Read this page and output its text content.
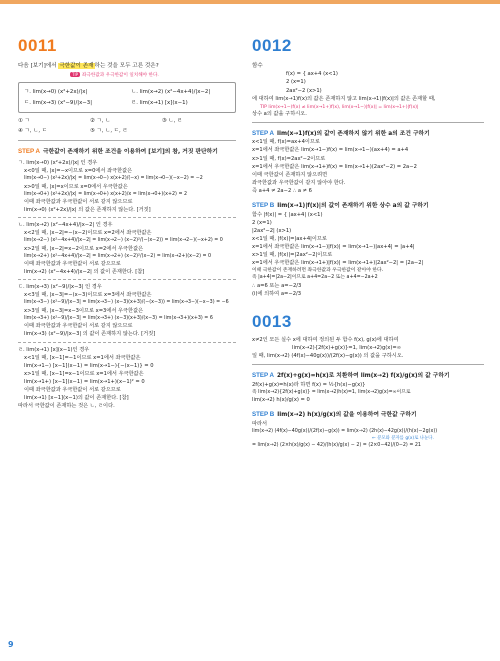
0011
다음 [보기]에서 극한값이 존재하는 것을 모두 고른 것은?
TIP 좌극한값과 우극한값이 일치해야 한다.
ㄱ. lim(x→0) (x²+2x)/|x|	ㄴ. lim(x→2) (x²−4x+4)/|x−2|
ㄷ. lim(x→3) (x²−9)/|x−3|	ㄹ. lim(x→1) [x](x−1)
① ㄱ	② ㄱ, ㄴ	③ ㄴ, ㄹ
④ ㄱ, ㄴ, ㄷ	⑤ ㄱ, ㄴ, ㄷ, ㄹ
STEP A 극한값이 존재하기 위한 조건을 이용하여 [보기]의 참, 거짓 판단하기
ㄱ. lim(x→0) (x²+2x)/|x| 인 경우
x<0일 때, |x|=−x이므로 x=0에서 좌극한값은
lim(x→0−) (x²+2x)/|x| = lim(x→0−) x(x+2)/(−x) = lim(x→0−)(−x−2) = −2
x>0일 때, |x|=x이므로 x=0에서 우극한값은
lim(x→0+) (x²+2x)/|x| = lim(x→0+) x(x+2)/x = lim(x→0+)(x+2) = 2
이때 좌극한값과 우극한값이 서로 같지 않으므로
lim(x→0) (x²+2x)/|x| 의 값은 존재하지 않는다. [거짓]
ㄴ. lim(x→2) (x²−4x+4)/|x−2| 인 경우
x<2일 때, |x−2|=−(x−2)이므로 x=2에서 좌극한값은
lim(x→2−) (x²−4x+4)/|x−2| = lim(x→2−) (x−2)²/(−(x−2)) = lim(x→2−)(−x+2) = 0
x>2일 때, |x−2|=x−2이므로 x=2에서 우극한값은
lim(x→2+) (x²−4x+4)/|x−2| = lim(x→2+) (x−2)²/(x−2) = lim(x→2+)(x−2) = 0
이때 좌극한값과 우극한값이 서로 같으므로
lim(x→2) (x²−4x+4)/|x−2| 의 값이 존재한다. [참]
ㄷ. lim(x→3) (x²−9)/|x−3| 인 경우
x<3일 때, |x−3|=−(x−3)이므로 x=3에서 좌극한값은
lim(x→3−) (x²−9)/|x−3| = lim(x→3−) (x−3)(x+3)/(−(x−3)) = lim(x→3−)(−x−3) = −6
x>3일 때, |x−3|=x−3이므로 x=3에서 우극한값은
lim(x→3+) (x²−9)/|x−3| = lim(x→3+) (x−3)(x+3)/(x−3) = lim(x→3+)(x+3) = 6
이때 좌극한값과 우극한값이 서로 같지 않으므로
lim(x→3) (x²−9)/|x−3| 의 값이 존재하지 않는다. [거짓]
ㄹ. lim(x→1) [x](x−1)인 경우
x<1일 때, [x−1]=−1이므로 x=1에서 좌극한값은
lim(x→1−) [x−1](x−1) = lim(x→1−){−(x−1)} = 0
x>1일 때, [x−1]=x−1이므로 x=1에서 우극한값은
lim(x→1+) [x−1](x−1) = lim(x→1+)(x−1)² = 0
이때 좌극한값과 우극한값이 서로 같으므로
lim(x→1) [x−1](x−1)의 값이 존재한다. [참]
따라서 극한값이 존재하는 것은 ㄴ, ㄹ이다.
0012
함수
f(x) = { ax+4 (x<1)
2 (x=1)
2ax²−2 (x>1)
에 대하여 lim(x→1)f(x)의 값은 존재하지 않고 lim(x→1)|f(x)|의 값은 존재할 때,
TIP lim(x→1−)f(x) ≠ lim(x→1+)f(x), lim(x→1−)|f(x)| = lim(x→1+)|f(x)|
상수 a의 값을 구하시오.
STEP A lim(x→1)f(x)의 값이 존재하지 않기 위한 a의 조건 구하기
x<1일 때, f(x)=ax+4이므로
x=1에서 좌극한값은 lim(x→1−)f(x) = lim(x→1−)(ax+4) = a+4
x>1일 때, f(x)=2ax²−2이므로
x=1에서 우극한값은 lim(x→1+)f(x) = lim(x→1+)(2ax²−2) = 2a−2
이때 극한값이 존재하지 않으려면
좌극한값과 우극한값이 같지 않아야 한다.
즉 a+4 ≠ 2a−2 ∴ a ≠ 6
STEP B lim(x→1)|f(x)|의 값이 존재하기 위한 상수 a의 값 구하기
함수 |f(x)| = { |ax+4| (x<1)
2 (x=1)
|2ax²−2| (x>1)
x<1일 때, |f(x)|=|ax+4|이므로
x=1에서 좌극한값은 lim(x→1−)|f(x)| = lim(x→1−)|ax+4| = |a+4|
x>1일 때, |f(x)|=|2ax²−2|이므로
x=1에서 우극한값은 lim(x→1+)|f(x)| = lim(x→1+)|2ax²−2| = |2a−2|
이때 극한값이 존재하려면 좌극한값과 우극한값이 같아야 한다.
즉 |a+4|=|2a−2|이므로 a+4=2a−2 또는 a+4=−2a+2
∴ a=6 또는 a=−2/3
(i)에 의하여 a=−2/3
0013
x≠2인 모든 실수 x에 대하여 정의된 두 함수 f(x), g(x)에 대하여
lim(x→2){2f(x)+g(x)}=1, lim(x→2)g(x)=∞
일 때, lim(x→2) (4f(x)−40g(x))/(2f(x)−g(x)) 의 값을 구하시오.
STEP A 2f(x)+g(x)=h(x)로 치환하여 lim(x→2) f(x)/g(x)의 값 구하기
2f(x)+g(x)=h(x)라 하면 f(x) = ½{h(x)−g(x)}
즉 lim(x→2){2f(x)+g(x)} = lim(x→2)h(x)=1, lim(x→2)g(x)=∞이므로
lim(x→2) h(x)/g(x) = 0
STEP B lim(x→2) h(x)/g(x)의 값을 이용하여 극한값 구하기
따라서
lim(x→2) (4f(x)−40g(x))/(2f(x)−g(x)) = lim(x→2) (2h(x)−42g(x))/(h(x)−2g(x))
← 분모와 분자를 g(x)로 나눈다.
= lim(x→2) (2×h(x)/g(x) − 42)/(h(x)/g(x) − 2) = (2×0−42)/(0−2) = 21
9
